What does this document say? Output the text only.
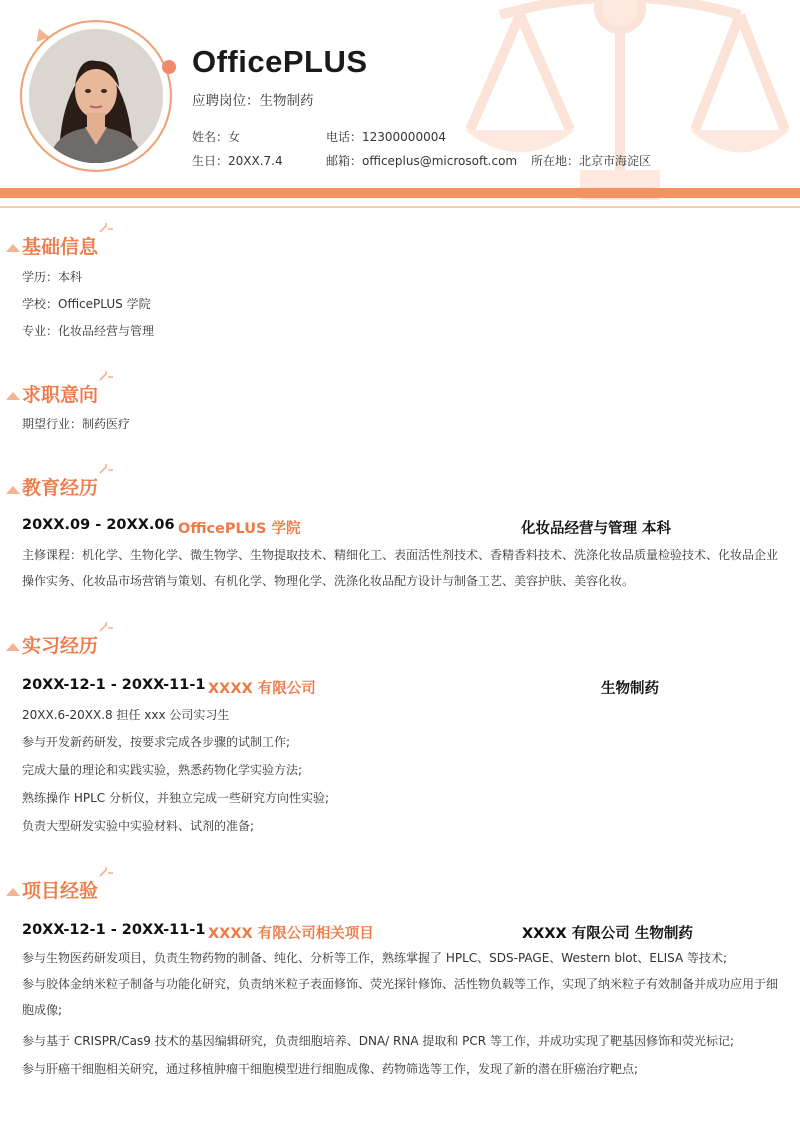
OfficePLUS
应聘岗位：生物制药
姓名：女	电话：12300000004
生日：20XX.7.4	邮箱：officeplus@microsoft.com 所在地：北京市海淀区
基础信息
学历：本科
学校：OfficePLUS 学院
专业：化妆品经营与管理
求职意向
期望行业：制药医疗
教育经历
20XX.09 - 20XX.06 OfficePLUS 学院	化妆品经营与管理 本科
主修课程：机化学、生物化学、微生物学、生物提取技术、精细化工、表面活性剂技术、香精香料技术、洗涤化妆品质量检验技术、化妆品企业操作实务、化妆品市场营销与策划、有机化学、物理化学、洗涤化妆品配方设计与制备工艺、美容护肤、美容化妆。
实习经历
20XX-12-1 - 20XX-11-1 XXXX 有限公司	生物制药
20XX.6-20XX.8 担任 xxx 公司实习生
参与开发新药研发，按要求完成各步骤的试制工作;
完成大量的理论和实践实验，熟悉药物化学实验方法;
熟练操作 HPLC 分析仪，并独立完成一些研究方向性实验;
负责大型研发实验中实验材料、试剂的准备;
项目经验
20XX-12-1 - 20XX-11-1 XXXX 有限公司相关项目	XXXX 有限公司 生物制药
参与生物医药研发项目，负责生物药物的制备、纯化、分析等工作，熟练掌握了 HPLC、SDS-PAGE、Western blot、ELISA 等技术;
参与胶体金纳米粒子制备与功能化研究，负责纳米粒子表面修饰、荧光探针修饰、活性物负载等工作，实现了纳米粒子有效制备并成功应用于细胞成像;
参与基于 CRISPR/Cas9 技术的基因编辑研究，负责细胞培养、DNA/ RNA 提取和 PCR 等工作，并成功实现了靶基因修饰和荧光标记;
参与肝癌干细胞相关研究，通过移植肿瘤干细胞模型进行细胞成像、药物筛选等工作，发现了新的潜在肝癌治疗靶点;
